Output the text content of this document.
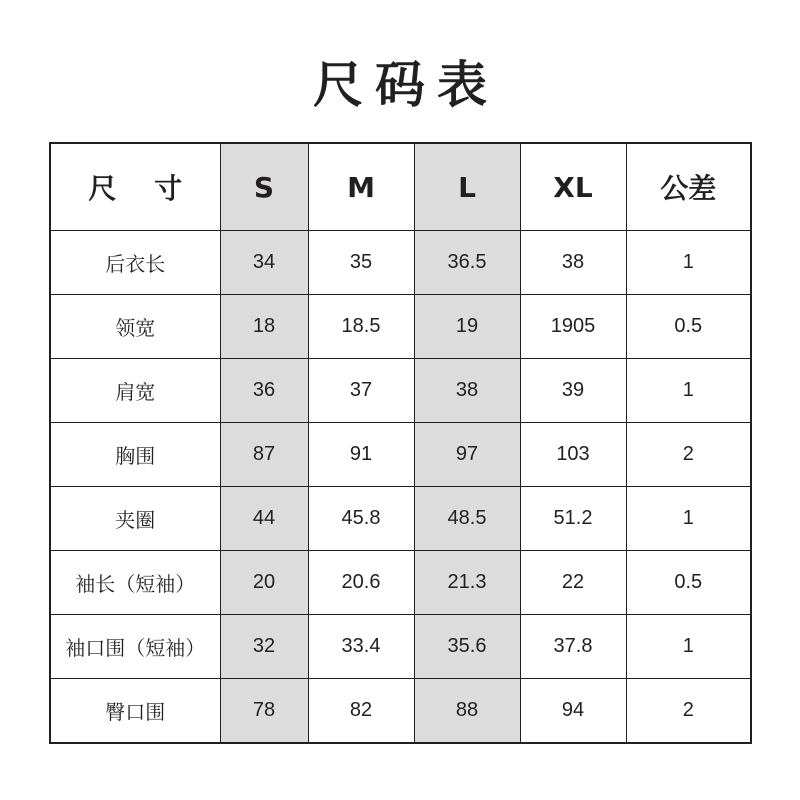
尺码表
尺 寸	S	M	L	XL	公差
后衣长	34	35	36.5	38	1
领宽	18	18.5	19	1905	0.5
肩宽	36	37	38	39	1
胸围	87	91	97	103	2
夹圈	44	45.8	48.5	51.2	1
袖长（短袖）	20	20.6	21.3	22	0.5
袖口围（短袖）	32	33.4	35.6	37.8	1
臀口围	78	82	88	94	2
